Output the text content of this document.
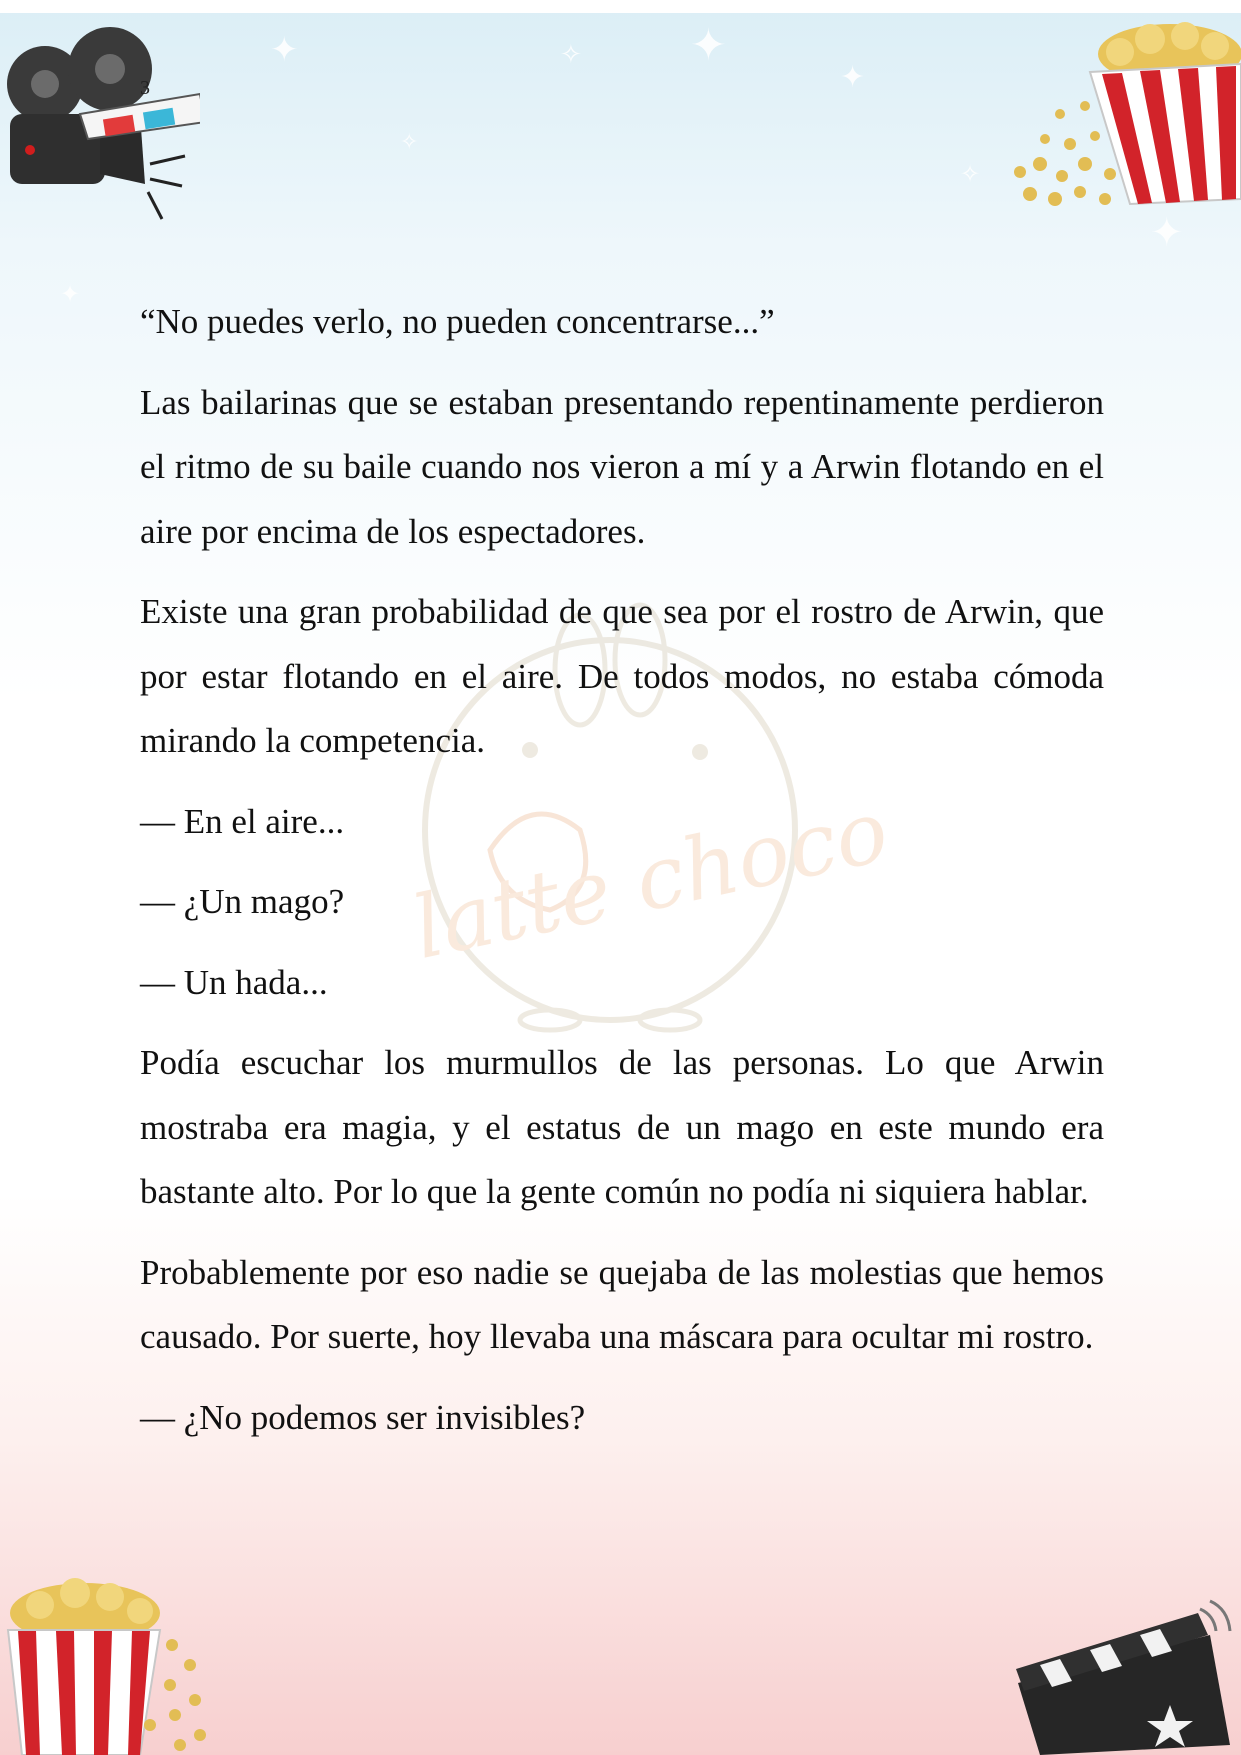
✦	✧ ✦
✦
✧
✦
✦
✧
3
latte choco

“No puedes verlo, no pueden concentrarse...”

Las bailarinas que se estaban presentando repentinamente perdieron el ritmo de su baile cuando nos vieron a mí y a Arwin flotando en el aire por encima de los espectadores.

Existe una gran probabilidad de que sea por el rostro de Arwin, que por estar flotando en el aire. De todos modos, no estaba cómoda mirando la competencia.

— En el aire...

— ¿Un mago?

— Un hada...

Podía escuchar los murmullos de las personas. Lo que Arwin mostraba era magia, y el estatus de un mago en este mundo era bastante alto. Por lo que la gente común no podía ni siquiera hablar.

Probablemente por eso nadie se quejaba de las molestias que hemos causado. Por suerte, hoy llevaba una máscara para ocultar mi rostro.

— ¿No podemos ser invisibles?
